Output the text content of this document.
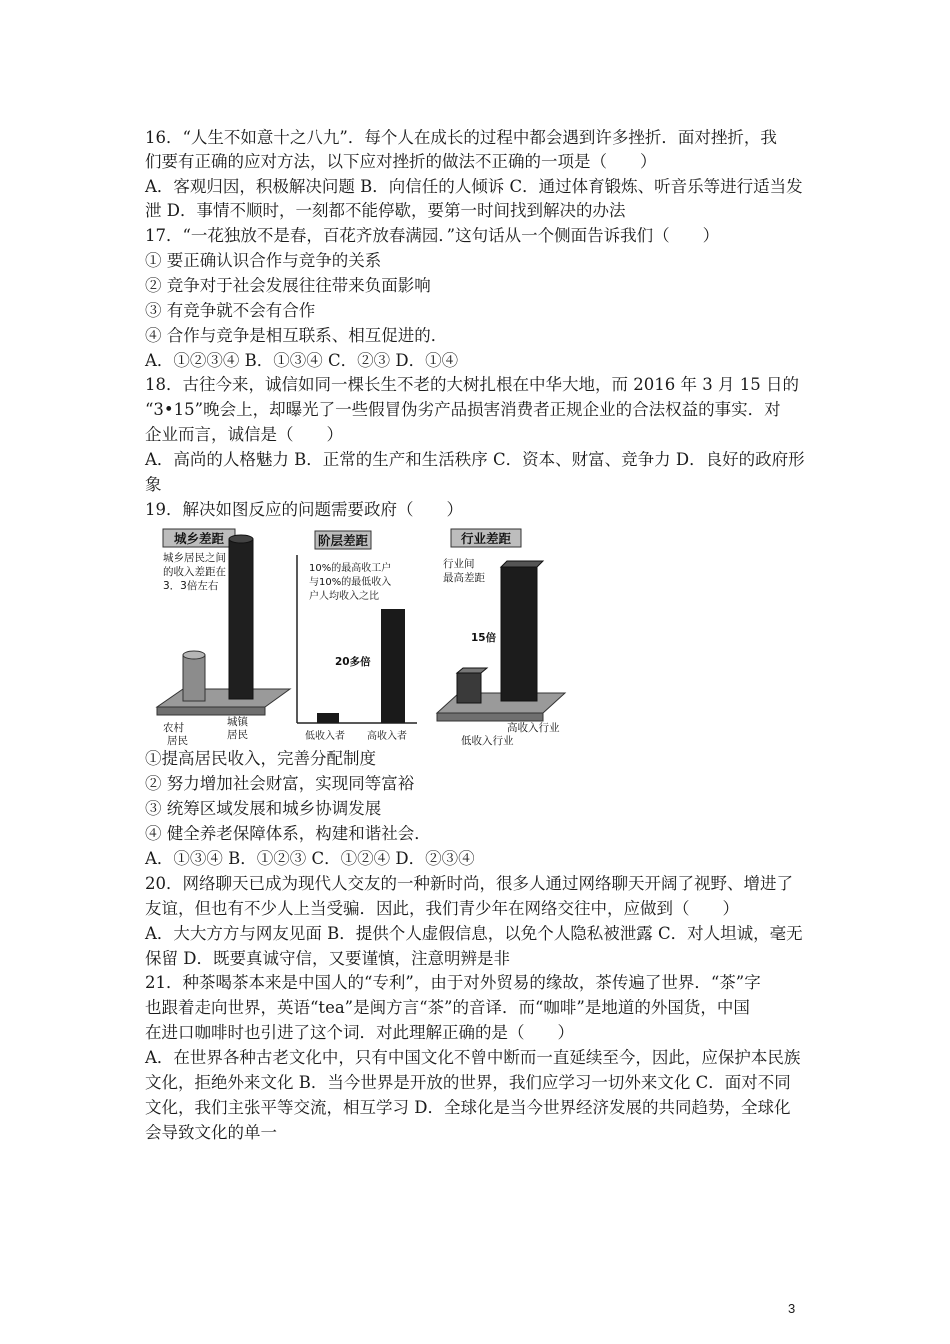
16．“人生不如意十之八九”．每个人在成长的过程中都会遇到许多挫折．面对挫折，我
们要有正确的应对方法，以下应对挫折的做法不正确的一项是（　　）
A．客观归因，积极解决问题 B．向信任的人倾诉 C．通过体育锻炼、听音乐等进行适当发
泄 D．事情不顺时，一刻都不能停歇，要第一时间找到解决的办法
17．“一花独放不是春，百花齐放春满园．”这句话从一个侧面告诉我们（　　）
① 要正确认识合作与竞争的关系
② 竞争对于社会发展往往带来负面影响
③ 有竞争就不会有合作
④ 合作与竞争是相互联系、相互促进的．
A．①②③④ B．①③④ C．②③ D．①④
18．古往今来，诚信如同一棵长生不老的大树扎根在中华大地，而 2016 年 3 月 15 日的
“3•15”晚会上，却曝光了一些假冒伪劣产品损害消费者正规企业的合法权益的事实．对
企业而言，诚信是（　　）
A．高尚的人格魅力 B．正常的生产和生活秩序 C．资本、财富、竞争力 D．良好的政府形
象
19．解决如图反应的问题需要政府（　　）
城乡差距
城乡居民之间
的收入差距在
3．3倍左右
农村
居民
城镇
居民
阶层差距
10%的最高收工户
与10%的最低收入
户人均收入之比
20多倍
低收入者 高收入者
行业差距
行业间
最高差距
15倍
高收入行业
低收入行业
①提高居民收入，完善分配制度
② 努力增加社会财富，实现同等富裕
③ 统筹区域发展和城乡协调发展
④ 健全养老保障体系，构建和谐社会．
A．①③④ B．①②③ C．①②④ D．②③④
20．网络聊天已成为现代人交友的一种新时尚，很多人通过网络聊天开阔了视野、增进了
友谊，但也有不少人上当受骗．因此，我们青少年在网络交往中，应做到（　　）
A．大大方方与网友见面 B．提供个人虚假信息，以免个人隐私被泄露 C．对人坦诚，毫无
保留 D．既要真诚守信，又要谨慎，注意明辨是非
21．种茶喝茶本来是中国人的“专利”，由于对外贸易的缘故，茶传遍了世界．“茶”字
也跟着走向世界，英语“tea”是闽方言“茶”的音译．而“咖啡”是地道的外国货，中国
在进口咖啡时也引进了这个词．对此理解正确的是（　　）
A．在世界各种古老文化中，只有中国文化不曾中断而一直延续至今，因此，应保护本民族
文化，拒绝外来文化 B．当今世界是开放的世界，我们应学习一切外来文化 C．面对不同
文化，我们主张平等交流，相互学习 D．全球化是当今世界经济发展的共同趋势，全球化
会导致文化的单一
3
